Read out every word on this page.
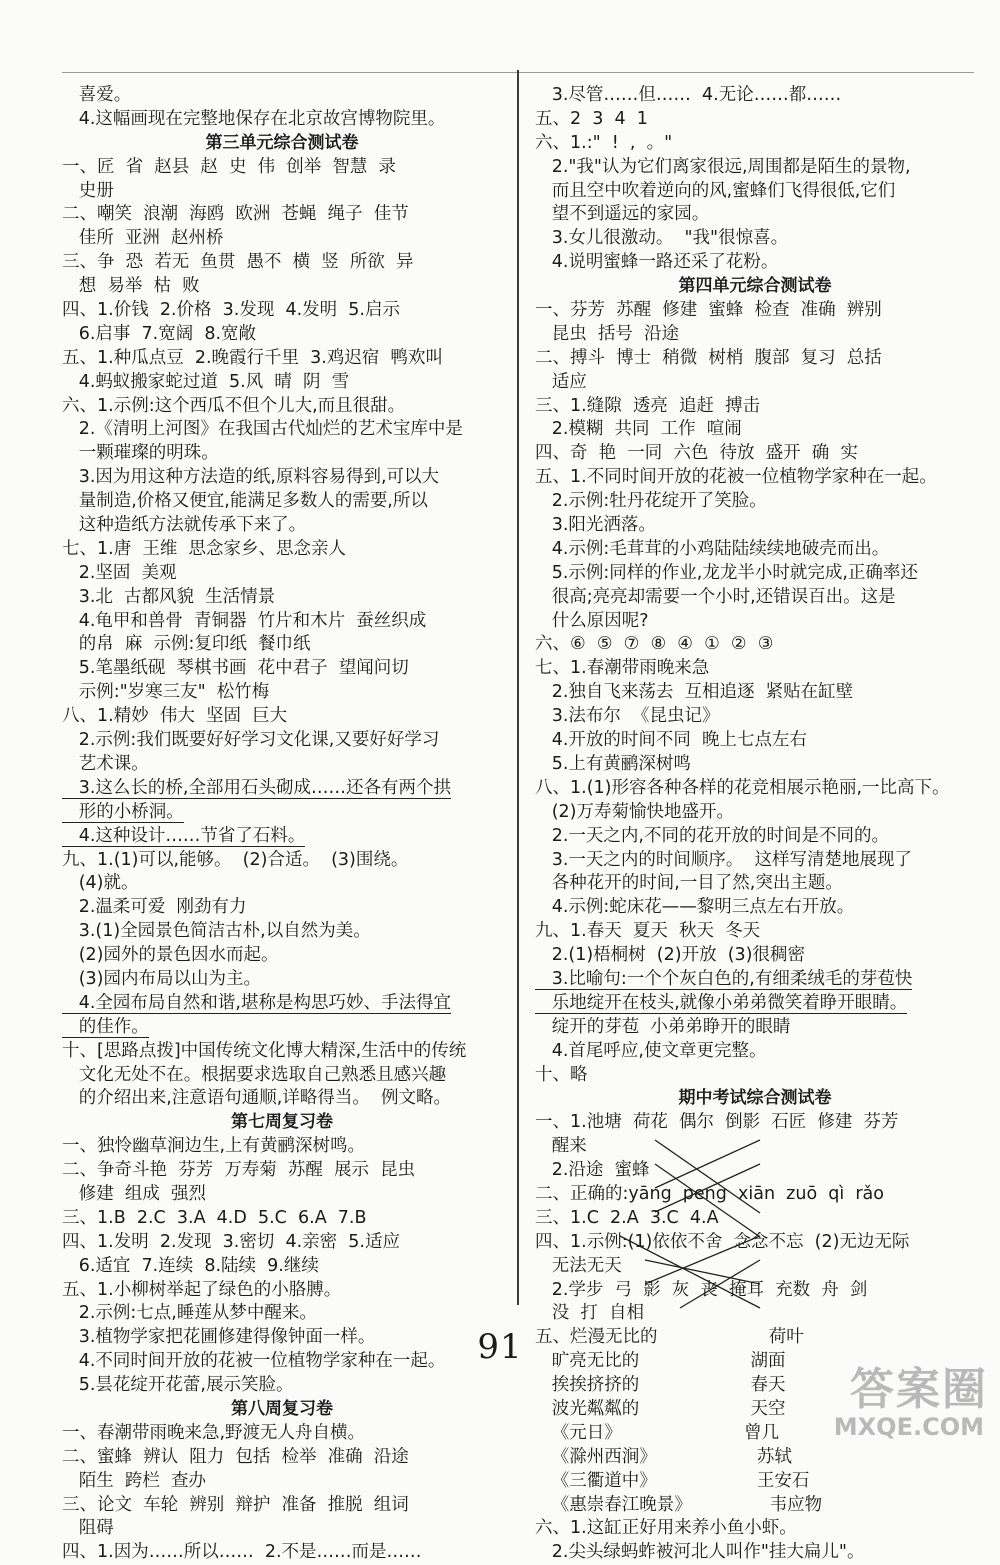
喜爱。
4.这幅画现在完整地保存在北京故宫博物院里。
第三单元综合测试卷
一、匠  省  赵县  赵  史  伟  创举  智慧  录
史册
二、嘲笑  浪潮  海鸥  欧洲  苍蝇  绳子  佳节
佳所  亚洲  赵州桥
三、争  恐  若无  鱼贯  愚不  横  竖  所欲  异
想  易举  枯  败
四、1.价钱  2.价格  3.发现  4.发明  5.启示
6.启事  7.宽阔  8.宽敞
五、1.种瓜点豆  2.晚霞行千里  3.鸡迟宿  鸭欢叫
4.蚂蚁搬家蛇过道  5.风  晴  阴  雪
六、1.示例:这个西瓜不但个儿大,而且很甜。
2.《清明上河图》在我国古代灿烂的艺术宝库中是
一颗璀璨的明珠。
3.因为用这种方法造的纸,原料容易得到,可以大
量制造,价格又便宜,能满足多数人的需要,所以
这种造纸方法就传承下来了。
七、1.唐  王维  思念家乡、思念亲人
2.坚固  美观
3.北  古都风貌  生活情景
4.龟甲和兽骨  青铜器  竹片和木片  蚕丝织成
的帛  麻  示例:复印纸  餐巾纸
5.笔墨纸砚  琴棋书画  花中君子  望闻问切
示例:"岁寒三友"  松竹梅
八、1.精妙  伟大  坚固  巨大
2.示例:我们既要好好学习文化课,又要好好学习
艺术课。
3.这么长的桥,全部用石头砌成……还各有两个拱
形的小桥洞。
4.这种设计……节省了石料。
九、1.(1)可以,能够。  (2)合适。  (3)围绕。
(4)就。
2.温柔可爱  刚劲有力
3.(1)全园景色简洁古朴,以自然为美。
(2)园外的景色因水而起。
(3)园内布局以山为主。
4.全园布局自然和谐,堪称是构思巧妙、手法得宜
的佳作。
十、[思路点拨]中国传统文化博大精深,生活中的传统
文化无处不在。根据要求选取自己熟悉且感兴趣
的介绍出来,注意语句通顺,详略得当。  例文略。
第七周复习卷
一、独怜幽草涧边生,上有黄鹂深树鸣。
二、争奇斗艳  芬芳  万寿菊  苏醒  展示  昆虫
修建  组成  强烈
三、1.B  2.C  3.A  4.D  5.C  6.A  7.B
四、1.发明  2.发现  3.密切  4.亲密  5.适应
6.适宜  7.连续  8.陆续  9.继续
五、1.小柳树举起了绿色的小胳膊。
2.示例:七点,睡莲从梦中醒来。
3.植物学家把花圃修建得像钟面一样。
4.不同时间开放的花被一位植物学家种在一起。
5.昙花绽开花蕾,展示笑脸。
第八周复习卷
一、春潮带雨晚来急,野渡无人舟自横。
二、蜜蜂  辨认  阻力  包括  检举  准确  沿途
陌生  跨栏  查办
三、论文  车轮  辨别  辩护  准备  推脱  组词
阻碍
四、1.因为……所以……  2.不是……而是……
3.尽管……但……  4.无论……都……
五、2  3  4  1
六、1.:"  !  ,  。"
2."我"认为它们离家很远,周围都是陌生的景物,
而且空中吹着逆向的风,蜜蜂们飞得很低,它们
望不到遥远的家园。
3.女儿很激动。  "我"很惊喜。
4.说明蜜蜂一路还采了花粉。
第四单元综合测试卷
一、芬芳  苏醒  修建  蜜蜂  检查  准确  辨别
昆虫  括号  沿途
二、搏斗  博士  稍微  树梢  腹部  复习  总括
适应
三、1.缝隙  透亮  追赶  搏击
2.模糊  共同  工作  喧闹
四、奇  艳  一同  六色  待放  盛开  确  实
五、1.不同时间开放的花被一位植物学家种在一起。
2.示例:牡丹花绽开了笑脸。
3.阳光洒落。
4.示例:毛茸茸的小鸡陆陆续续地破壳而出。
5.示例:同样的作业,龙龙半小时就完成,正确率还
很高;亮亮却需要一个小时,还错误百出。这是
什么原因呢?
六、⑥  ⑤  ⑦  ⑧  ④  ①  ②  ③
七、1.春潮带雨晚来急
2.独自飞来荡去  互相追逐  紧贴在缸壁
3.法布尔  《昆虫记》
4.开放的时间不同  晚上七点左右
5.上有黄鹂深树鸣
八、1.(1)形容各种各样的花竞相展示艳丽,一比高下。
(2)万寿菊愉快地盛开。
2.一天之内,不同的花开放的时间是不同的。
3.一天之内的时间顺序。  这样写清楚地展现了
各种花开的时间,一目了然,突出主题。
4.示例:蛇床花——黎明三点左右开放。
九、1.春天  夏天  秋天  冬天
2.(1)梧桐树  (2)开放  (3)很稠密
3.比喻句:一个个灰白色的,有细柔绒毛的芽苞快
乐地绽开在枝头,就像小弟弟微笑着睁开眼睛。
绽开的芽苞  小弟弟睁开的眼睛
4.首尾呼应,使文章更完整。
十、略
期中考试综合测试卷
一、1.池塘  荷花  偶尔  倒影  石匠  修建  芬芳
醒来
2.沿途  蜜蜂
二、正确的:yāng  peng  xiān  zuō  qì  rǎo
三、1.C  2.A  3.C  4.A
四、1.示例:(1)依依不舍  念念不忘  (2)无边无际
无法无天
2.学步  弓  影  灰  丧  掩耳  充数  舟  剑
没  打  自相
五、烂漫无比的                    荷叶
旷亮无比的                    湖面
挨挨挤挤的                    春天
波光粼粼的                    天空
《元日》                      曾几
《滁州西涧》                  苏轼
《三衢道中》                  王安石
《惠崇春江晚景》              韦应物
六、1.这缸正好用来养小鱼小虾。
2.尖头绿蚂蚱被河北人叫作"挂大扁儿"。
91
答案圈
MXQE.COM
